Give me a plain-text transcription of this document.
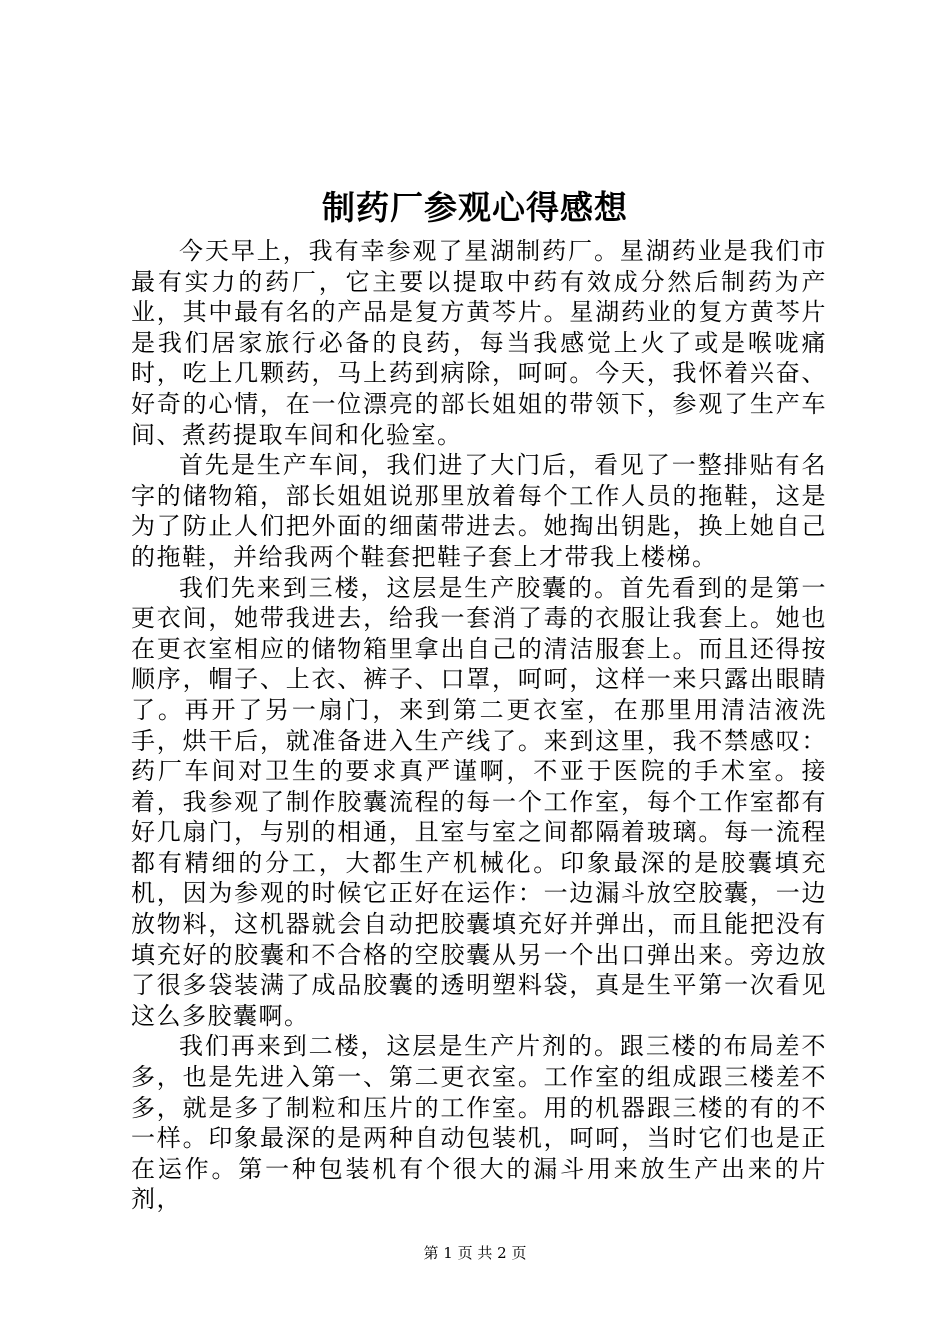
制药厂参观心得感想

今天早上，我有幸参观了星湖制药厂。星湖药业是我们市最有实力的药厂，它主要以提取中药有效成分然后制药为产业，其中最有名的产品是复方黄芩片。星湖药业的复方黄芩片是我们居家旅行必备的良药，每当我感觉上火了或是喉咙痛时，吃上几颗药，马上药到病除，呵呵。今天，我怀着兴奋、好奇的心情，在一位漂亮的部长姐姐的带领下，参观了生产车间、煮药提取车间和化验室。

首先是生产车间，我们进了大门后，看见了一整排贴有名字的储物箱，部长姐姐说那里放着每个工作人员的拖鞋，这是为了防止人们把外面的细菌带进去。她掏出钥匙，换上她自己的拖鞋，并给我两个鞋套把鞋子套上才带我上楼梯。

我们先来到三楼，这层是生产胶囊的。首先看到的是第一更衣间，她带我进去，给我一套消了毒的衣服让我套上。她也在更衣室相应的储物箱里拿出自己的清洁服套上。而且还得按顺序，帽子、上衣、裤子、口罩，呵呵，这样一来只露出眼睛了。再开了另一扇门，来到第二更衣室，在那里用清洁液洗手，烘干后，就准备进入生产线了。来到这里，我不禁感叹：药厂车间对卫生的要求真严谨啊，不亚于医院的手术室。接着，我参观了制作胶囊流程的每一个工作室，每个工作室都有好几扇门，与别的相通，且室与室之间都隔着玻璃。每一流程都有精细的分工，大都生产机械化。印象最深的是胶囊填充机，因为参观的时候它正好在运作：一边漏斗放空胶囊，一边放物料，这机器就会自动把胶囊填充好并弹出，而且能把没有填充好的胶囊和不合格的空胶囊从另一个出口弹出来。旁边放了很多袋装满了成品胶囊的透明塑料袋，真是生平第一次看见这么多胶囊啊。

我们再来到二楼，这层是生产片剂的。跟三楼的布局差不多，也是先进入第一、第二更衣室。工作室的组成跟三楼差不多，就是多了制粒和压片的工作室。用的机器跟三楼的有的不一样。印象最深的是两种自动包装机，呵呵，当时它们也是正在运作。第一种包装机有个很大的漏斗用来放生产出来的片剂，

第 1 页 共 2 页
